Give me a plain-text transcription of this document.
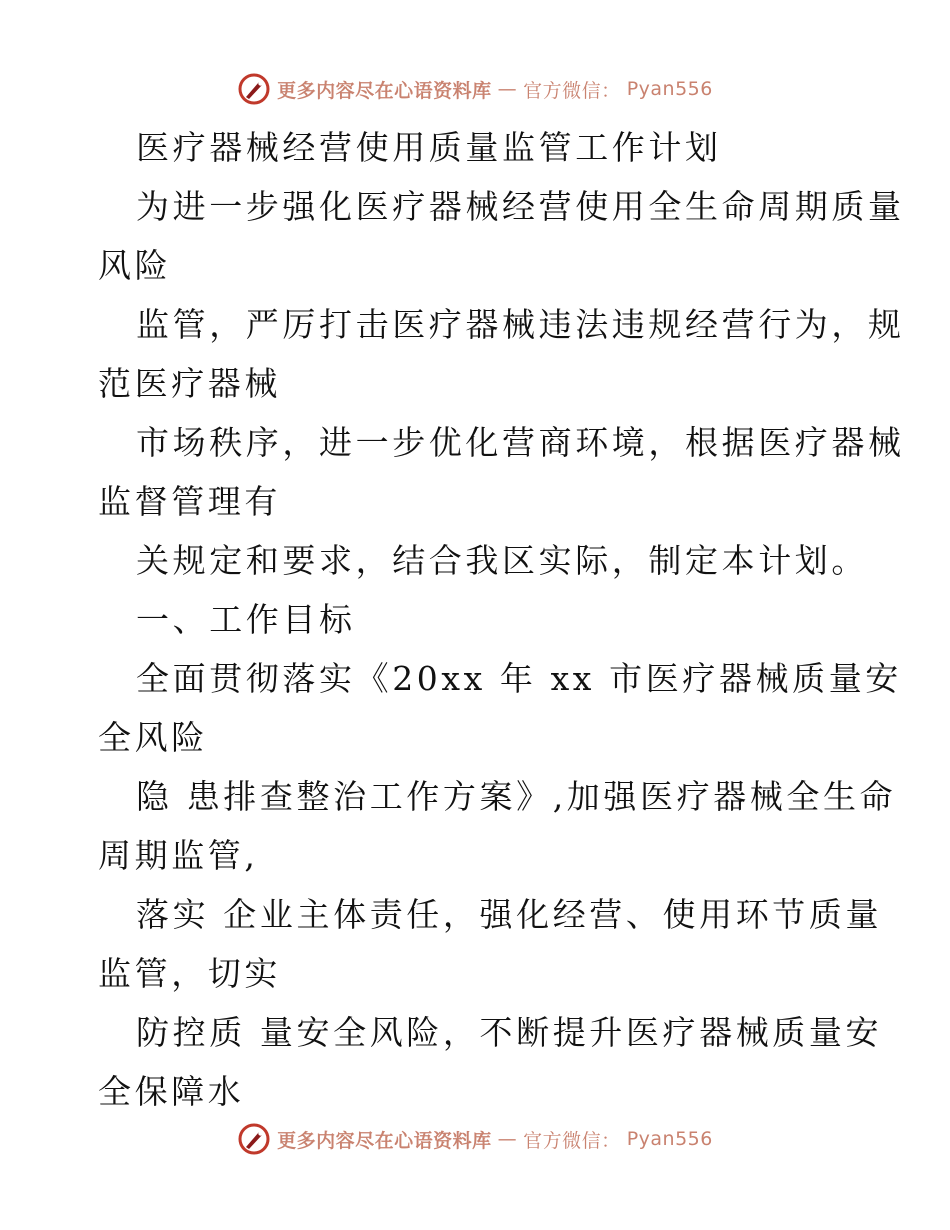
更多内容尽在心语资料库 — 官方微信： Pyan556
医疗器械经营使用质量监管工作计划
为进一步强化医疗器械经营使用全生命周期质量
风险
监管，严厉打击医疗器械违法违规经营行为，规
范医疗器械
市场秩序，进一步优化营商环境，根据医疗器械
监督管理有
关规定和要求，结合我区实际，制定本计划。
一、工作目标
全面贯彻落实《20xx 年 xx 市医疗器械质量安
全风险
隐 患排查整治工作方案》,加强医疗器械全生命
周期监管,
落实 企业主体责任，强化经营、使用环节质量
监管，切实
防控质 量安全风险，不断提升医疗器械质量安
全保障水
更多内容尽在心语资料库 — 官方微信： Pyan556
